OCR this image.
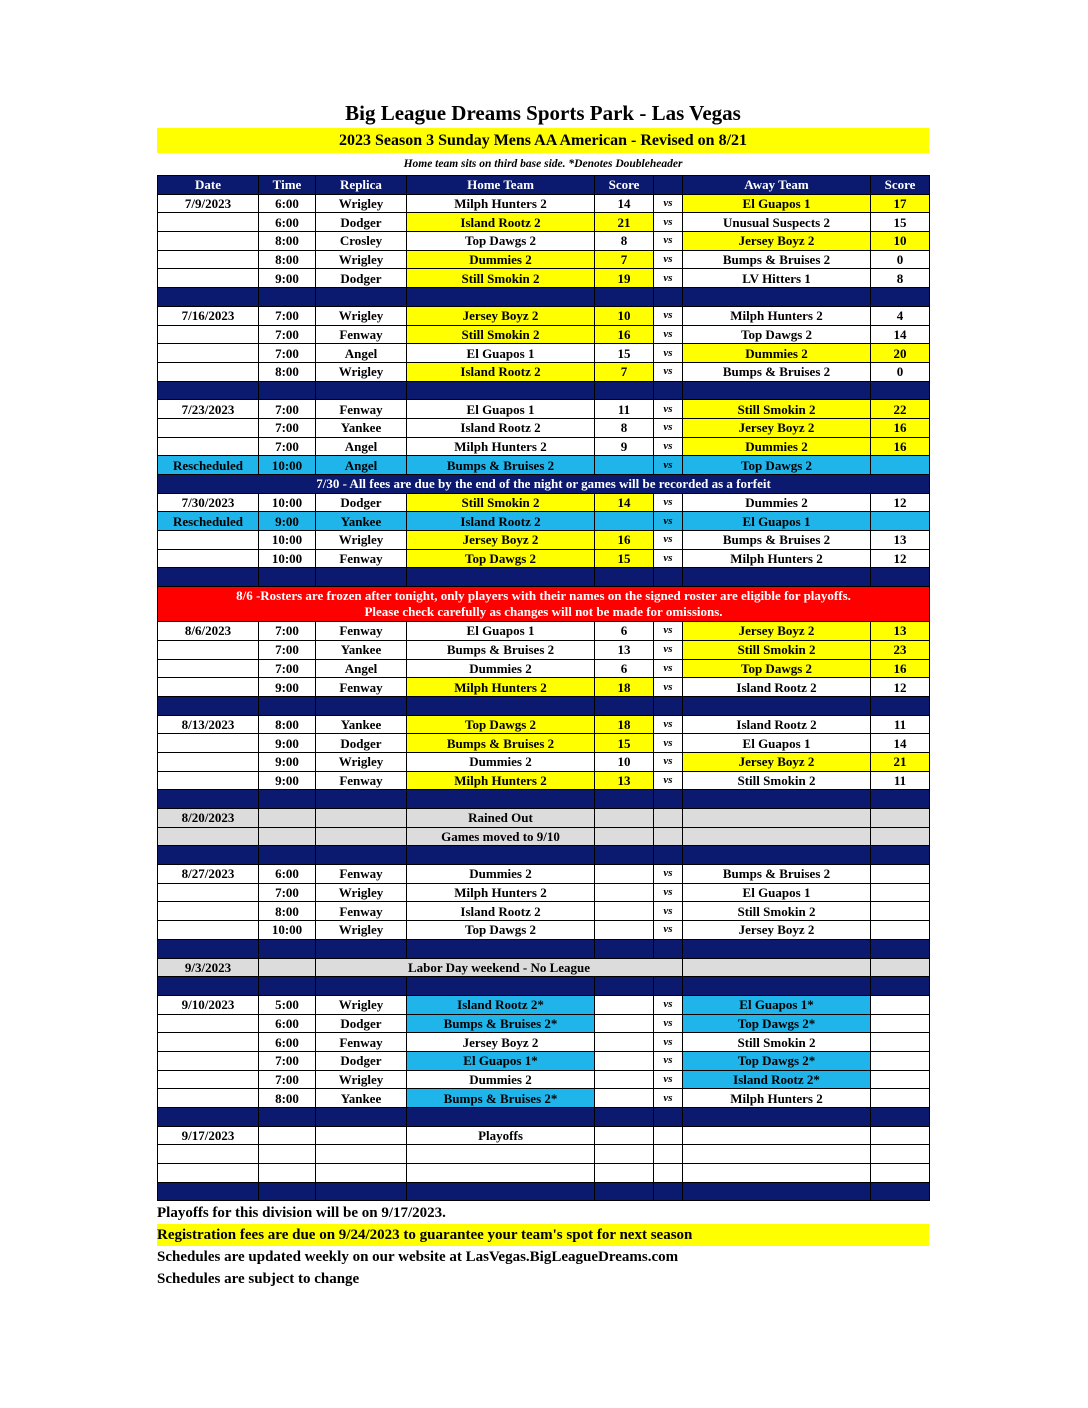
Big League Dreams Sports Park - Las Vegas
2023 Season 3 Sunday Mens AA American - Revised on 8/21
Home team sits on third base side. *Denotes Doubleheader
Date	Time	Replica	Home Team	Score		Away Team	Score
7/9/2023	6:00	Wrigley	Milph Hunters 2	14	vs	El Guapos 1	17
	6:00	Dodger	Island Rootz 2	21	vs	Unusual Suspects 2	15
	8:00	Crosley	Top Dawgs 2	8	vs	Jersey Boyz 2	10
	8:00	Wrigley	Dummies 2	7	vs	Bumps & Bruises 2	0
	9:00	Dodger	Still Smokin 2	19	vs	LV Hitters 1	8

7/16/2023	7:00	Wrigley	Jersey Boyz 2	10	vs	Milph Hunters 2	4
	7:00	Fenway	Still Smokin 2	16	vs	Top Dawgs 2	14
	7:00	Angel	El Guapos 1	15	vs	Dummies 2	20
	8:00	Wrigley	Island Rootz 2	7	vs	Bumps & Bruises 2	0

7/23/2023	7:00	Fenway	El Guapos 1	11	vs	Still Smokin 2	22
	7:00	Yankee	Island Rootz 2	8	vs	Jersey Boyz 2	16
	7:00	Angel	Milph Hunters 2	9	vs	Dummies 2	16
Rescheduled	10:00	Angel	Bumps & Bruises 2		vs	Top Dawgs 2	
7/30 - All fees are due by the end of the night or games will be recorded as a forfeit							
7/30/2023	10:00	Dodger	Still Smokin 2	14	vs	Dummies 2	12
Rescheduled	9:00	Yankee	Island Rootz 2		vs	El Guapos 1	
	10:00	Wrigley	Jersey Boyz 2	16	vs	Bumps & Bruises 2	13
	10:00	Fenway	Top Dawgs 2	15	vs	Milph Hunters 2	12

8/6 -Rosters are frozen after tonight, only players with their names on the signed roster are eligible for playoffs.
Please check carefully as changes will not be made for omissions.							

8/6/2023	7:00	Fenway	El Guapos 1	6	vs	Jersey Boyz 2	13
	7:00	Yankee	Bumps & Bruises 2	13	vs	Still Smokin 2	23
	7:00	Angel	Dummies 2	6	vs	Top Dawgs 2	16
	9:00	Fenway	Milph Hunters 2	18	vs	Island Rootz 2	12

8/13/2023	8:00	Yankee	Top Dawgs 2	18	vs	Island Rootz 2	11
	9:00	Dodger	Bumps & Bruises 2	15	vs	El Guapos 1	14
	9:00	Wrigley	Dummies 2	10	vs	Jersey Boyz 2	21
	9:00	Fenway	Milph Hunters 2	13	vs	Still Smokin 2	11

8/20/2023			Rained Out				
			Games moved to 9/10				

8/27/2023	6:00	Fenway	Dummies 2		vs	Bumps & Bruises 2	
	7:00	Wrigley	Milph Hunters 2		vs	El Guapos 1	
	8:00	Fenway	Island Rootz 2		vs	Still Smokin 2	
	10:00	Wrigley	Top Dawgs 2		vs	Jersey Boyz 2	

9/3/2023		Labor Day weekend - No League					

9/10/2023	5:00	Wrigley	Island Rootz 2*		vs	El Guapos 1*	
	6:00	Dodger	Bumps & Bruises 2*		vs	Top Dawgs 2*	
	6:00	Fenway	Jersey Boyz 2		vs	Still Smokin 2	
	7:00	Dodger	El Guapos 1*		vs	Top Dawgs 2*	
	7:00	Wrigley	Dummies 2		vs	Island Rootz 2*	
	8:00	Yankee	Bumps & Bruises 2*		vs	Milph Hunters 2	

9/17/2023			Playoffs				

Playoffs for this division will be on 9/17/2023.
Registration fees are due on 9/24/2023 to guarantee your team's spot for next season
Schedules are updated weekly on our website at LasVegas.BigLeagueDreams.com
Schedules are subject to change
